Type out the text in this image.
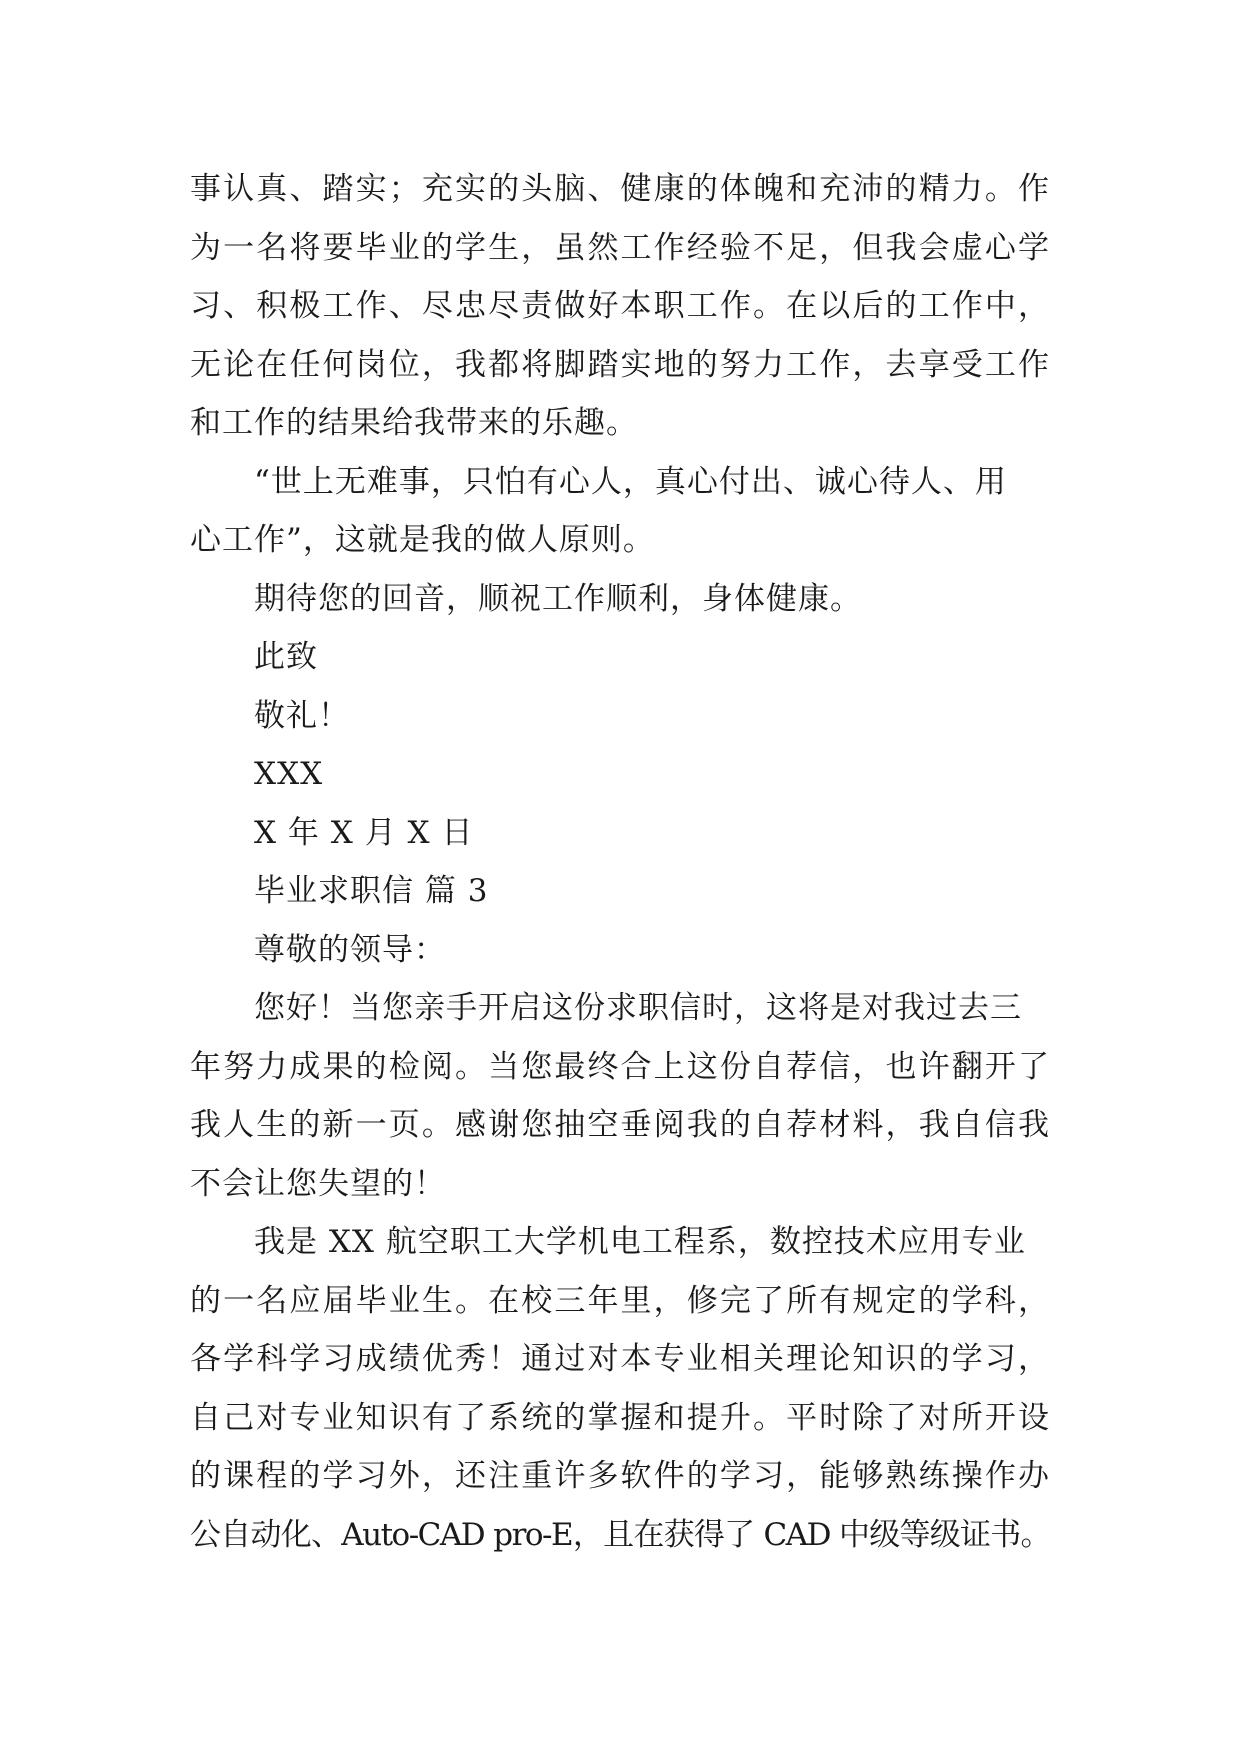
事认真、踏实；充实的头脑、健康的体魄和充沛的精力。作
为一名将要毕业的学生，虽然工作经验不足，但我会虚心学
习、积极工作、尽忠尽责做好本职工作。在以后的工作中，
无论在任何岗位，我都将脚踏实地的努力工作，去享受工作
和工作的结果给我带来的乐趣。
“世上无难事，只怕有心人，真心付出、诚心待人、用
心工作”，这就是我的做人原则。
期待您的回音，顺祝工作顺利，身体健康。
此致
敬礼！
XXX
X 年 X 月 X 日
毕业求职信 篇 3
尊敬的领导：
您好！当您亲手开启这份求职信时，这将是对我过去三
年努力成果的检阅。当您最终合上这份自荐信，也许翻开了
我人生的新一页。感谢您抽空垂阅我的自荐材料，我自信我
不会让您失望的！
我是 XX 航空职工大学机电工程系，数控技术应用专业
的一名应届毕业生。在校三年里，修完了所有规定的学科，
各学科学习成绩优秀！通过对本专业相关理论知识的学习，
自己对专业知识有了系统的掌握和提升。平时除了对所开设
的课程的学习外，还注重许多软件的学习，能够熟练操作办
公自动化、Auto-CAD pro-E，且在获得了 CAD 中级等级证书。
